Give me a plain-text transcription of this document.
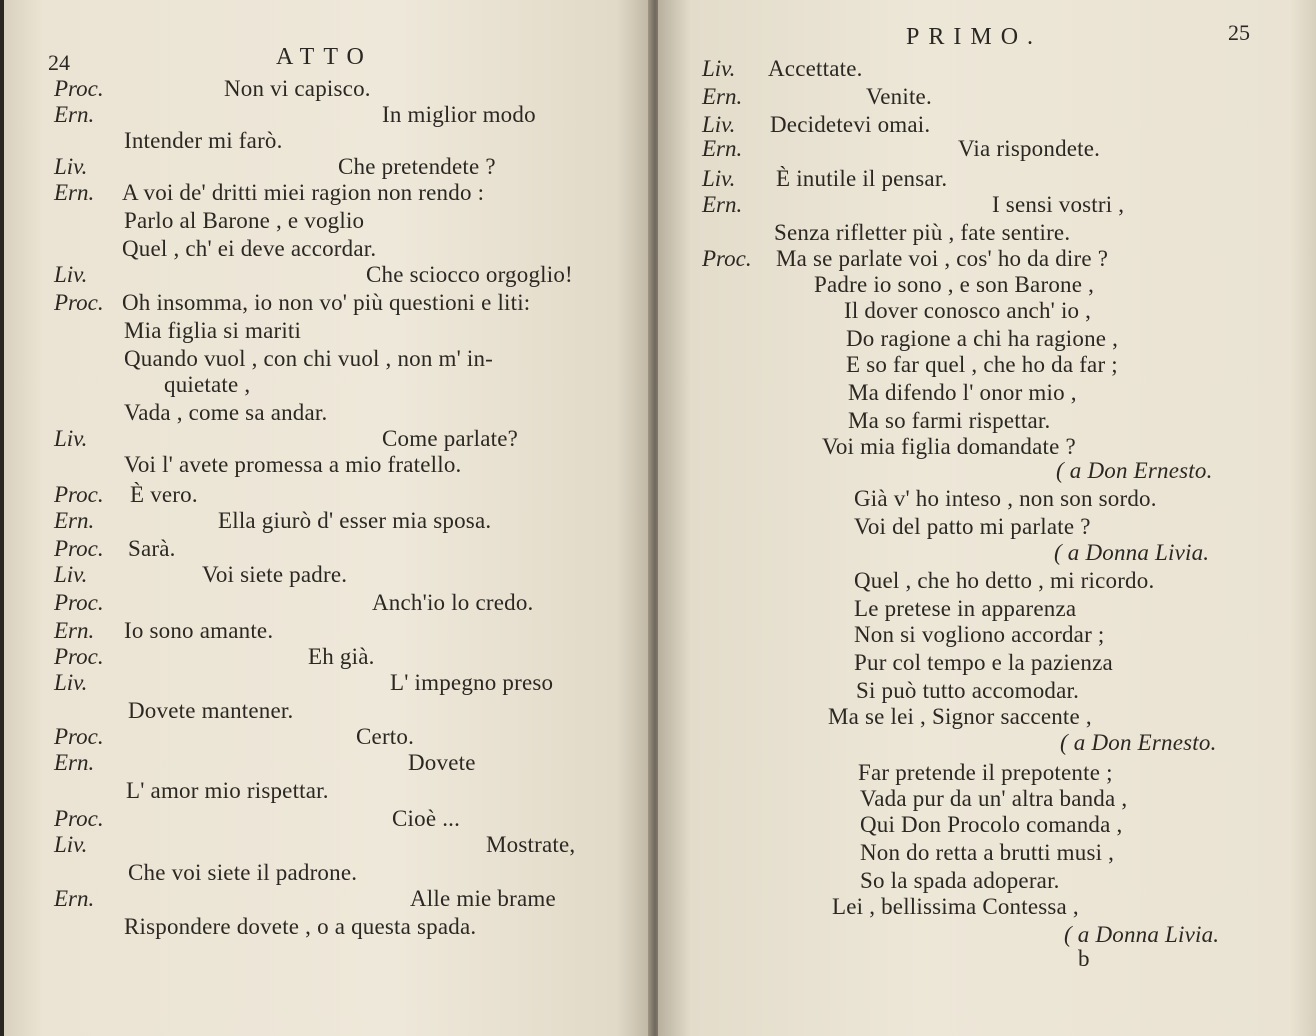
24	ATTO
Proc.	Non vi capisco.
Ern.	In miglior modo
Intender mi farò.
Liv.	Che pretendete ?
Ern. A voi de' dritti miei ragion non rendo :
Parlo al Barone , e voglio
Quel , ch' ei deve accordar.
Liv.	Che sciocco orgoglio!
Proc. Oh insomma, io non vo' più questioni e liti:
Mia figlia si mariti
Quando vuol , con chi vuol , non m' in-
quietate ,
Vada , come sa andar.
Liv.	Come parlate?
Voi l' avete promessa a mio fratello.
Proc. È vero.
Ern.	Ella giurò d' esser mia sposa.
Proc. Sarà.
Liv.	Voi siete padre.
Proc.	Anch'io lo credo.
Ern. Io sono amante.
Proc.	Eh già.
Liv.	L' impegno preso
Dovete mantener.
Proc.	Certo.
Ern.	Dovete
L' amor mio rispettar.
Proc.	Cioè ...
Liv.	Mostrate,
Che voi siete il padrone.
Ern.	Alle mie brame
Rispondere dovete , o a questa spada.
PRIMO.	25
Liv. Accettate.
Ern.	Venite.
Liv. Decidetevi omai.
Ern.	Via rispondete.
Liv. È inutile il pensar.
Ern.	I sensi vostri ,
Senza rifletter più , fate sentire.
Proc. Ma se parlate voi , cos' ho da dire ?
Padre io sono , e son Barone ,
Il dover conosco anch' io ,
Do ragione a chi ha ragione ,
E so far quel , che ho da far ;
Ma difendo l' onor mio ,
Ma so farmi rispettar.
Voi mia figlia domandate ?
( a Don Ernesto.
Già v' ho inteso , non son sordo.
Voi del patto mi parlate ?
( a Donna Livia.
Quel , che ho detto , mi ricordo.
Le pretese in apparenza
Non si vogliono accordar ;
Pur col tempo e la pazienza
Si può tutto accomodar.
Ma se lei , Signor saccente ,
( a Don Ernesto.
Far pretende il prepotente ;
Vada pur da un' altra banda ,
Qui Don Procolo comanda ,
Non do retta a brutti musi ,
So la spada adoperar.
Lei , bellissima Contessa ,
( a Donna Livia.
b
